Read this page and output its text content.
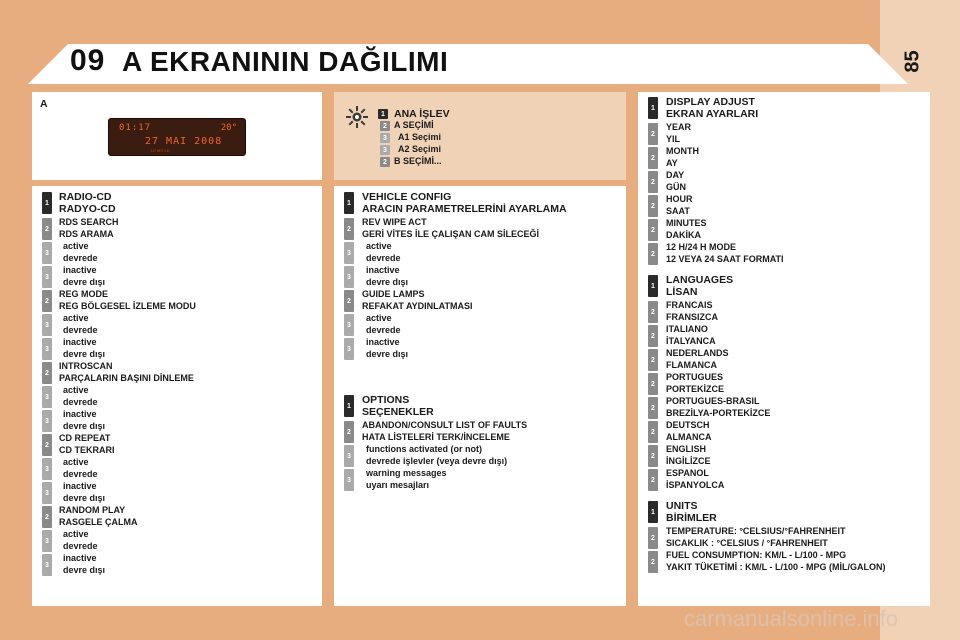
85
09 A EKRANININ DAĞILIMI
A
01:17	20°
27 MAI 2008
LE MO LD
1 RADIO-CD
RADYO-CD
2
RDS SEARCH
RDS ARAMA
3
active
devrede
3
inactive
devre dışı
2
REG MODE
REG BÖLGESEL İZLEME MODU
3
active
devrede
3
inactive
devre dışı
2
INTROSCAN
PARÇALARIN BAŞINI DİNLEME
3
active
devrede
3
inactive
devre dışı
2
CD REPEAT
CD TEKRARI
3
active
devrede
3
inactive
devre dışı
2
RANDOM PLAY
RASGELE ÇALMA
3
active
devrede
3
inactive
devre dışı
1 VEHICLE CONFIG
ARACIN PARAMETRELERİNİ AYARLAMA
2
REV WIPE ACT
GERİ VİTES İLE ÇALIŞAN CAM SİLECEĞİ
3
active
devrede
3
inactive
devre dışı
2
GUIDE LAMPS
REFAKAT AYDINLATMASI
3
active
devrede
3
inactive
devre dışı
1 OPTIONS
SEÇENEKLER
2
ABANDON/CONSULT LIST OF FAULTS
HATA LİSTELERİ TERK/İNCELEME
3
functions activated (or not)
devrede işlevler (veya devre dışı)
3
warning messages
uyarı mesajları
1 DISPLAY ADJUST
EKRAN AYARLARI
2
YEAR
YIL
2
MONTH
AY
2
DAY
GÜN
2
HOUR
SAAT
2
MINUTES
DAKİKA
2
12 H/24 H MODE
12 VEYA 24 SAAT FORMATI
1 LANGUAGES
LİSAN
2
FRANCAIS
FRANSIZCA
2
ITALIANO
İTALYANCA
2
NEDERLANDS
FLAMANCA
2
PORTUGUES
PORTEKİZCE
2
PORTUGUES-BRASIL
BREZİLYA-PORTEKİZCE
2
DEUTSCH
ALMANCA
2
ENGLISH
İNGİLİZCE
2
ESPANOL
İSPANYOLCA
1 UNITS
BİRİMLER
2
TEMPERATURE: °CELSIUS/°FAHRENHEIT
SICAKLIK : °CELSIUS / °FAHRENHEIT
2
FUEL CONSUMPTION: KM/L - L/100 - MPG
YAKIT TÜKETİMİ : KM/L - L/100 - MPG (MİL/GALON)
1 ANA İŞLEV
2 A SEÇİMİ
3	A1 Seçimi
3	A2 Seçimi
2 B SEÇİMİ...
carmanualsonline.info
